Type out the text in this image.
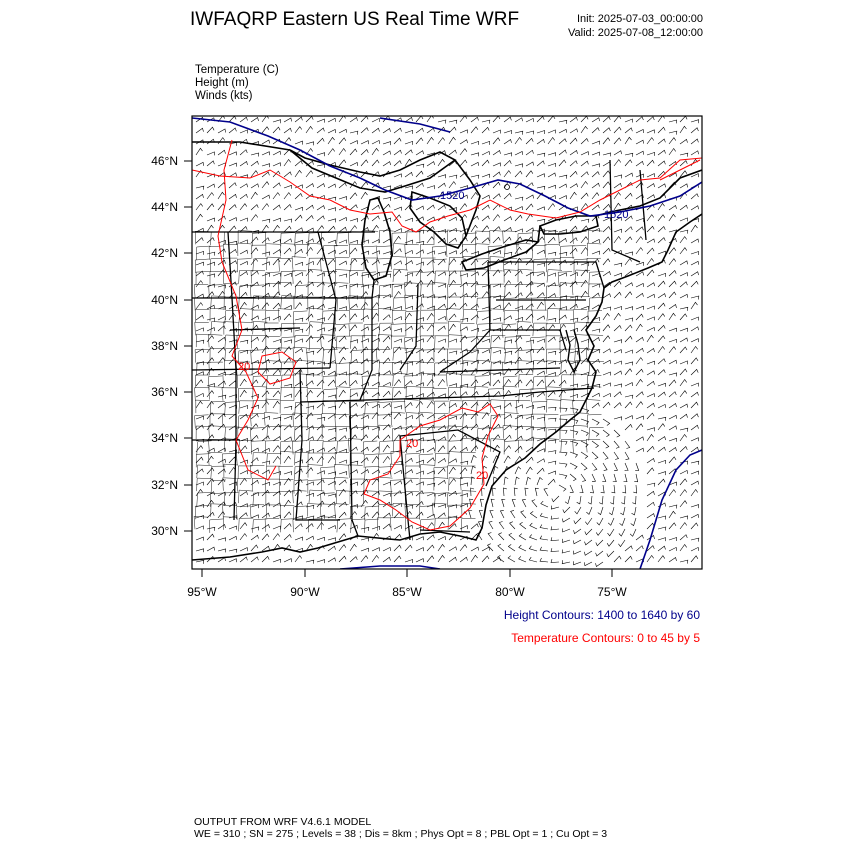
IWFAQRP Eastern US Real Time WRF	Init: 2025-07-03_00:00:00
Valid: 2025-07-08_12:00:00
Temperature (C)
Height (m)
Winds (kts)
1520
1520
20
20
20
46°N
44°N
42°N
40°N
38°N
36°N
34°N
32°N
30°N
95°W	90°W	85°W	80°W	75°W
Height Contours: 1400 to 1640 by 60
Temperature Contours: 0 to 45 by 5
OUTPUT FROM WRF V4.6.1 MODEL
WE = 310 ; SN = 275 ; Levels = 38 ; Dis = 8km ; Phys Opt = 8 ; PBL Opt = 1 ; Cu Opt = 3
